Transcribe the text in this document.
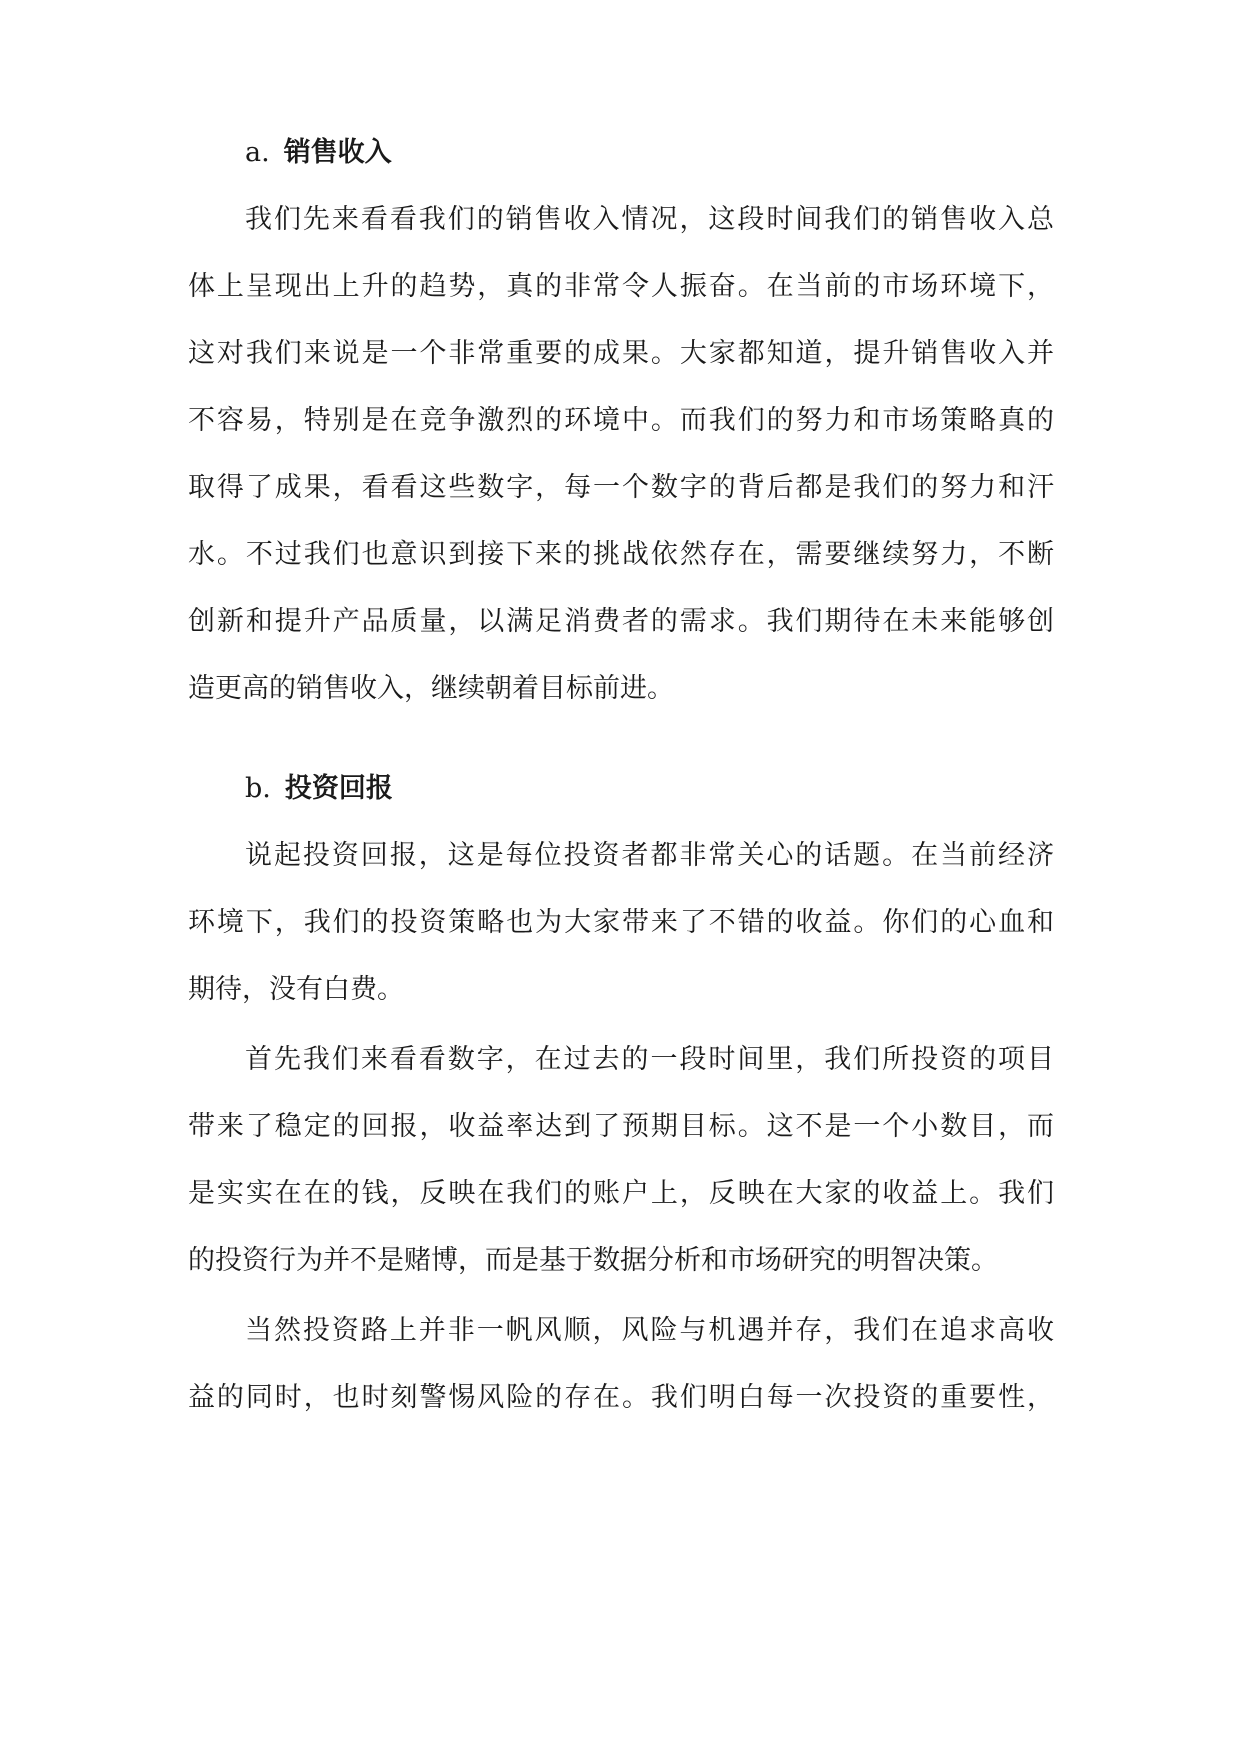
a. 销售收入
我们先来看看我们的销售收入情况，这段时间我们的销售收入总
体上呈现出上升的趋势，真的非常令人振奋。在当前的市场环境下，
这对我们来说是一个非常重要的成果。大家都知道，提升销售收入并
不容易，特别是在竞争激烈的环境中。而我们的努力和市场策略真的
取得了成果，看看这些数字，每一个数字的背后都是我们的努力和汗
水。不过我们也意识到接下来的挑战依然存在，需要继续努力，不断
创新和提升产品质量，以满足消费者的需求。我们期待在未来能够创
造更高的销售收入，继续朝着目标前进。
b. 投资回报
说起投资回报，这是每位投资者都非常关心的话题。在当前经济
环境下，我们的投资策略也为大家带来了不错的收益。你们的心血和
期待，没有白费。
首先我们来看看数字，在过去的一段时间里，我们所投资的项目
带来了稳定的回报，收益率达到了预期目标。这不是一个小数目，而
是实实在在的钱，反映在我们的账户上，反映在大家的收益上。我们
的投资行为并不是赌博，而是基于数据分析和市场研究的明智决策。
当然投资路上并非一帆风顺，风险与机遇并存，我们在追求高收
益的同时，也时刻警惕风险的存在。我们明白每一次投资的重要性，
